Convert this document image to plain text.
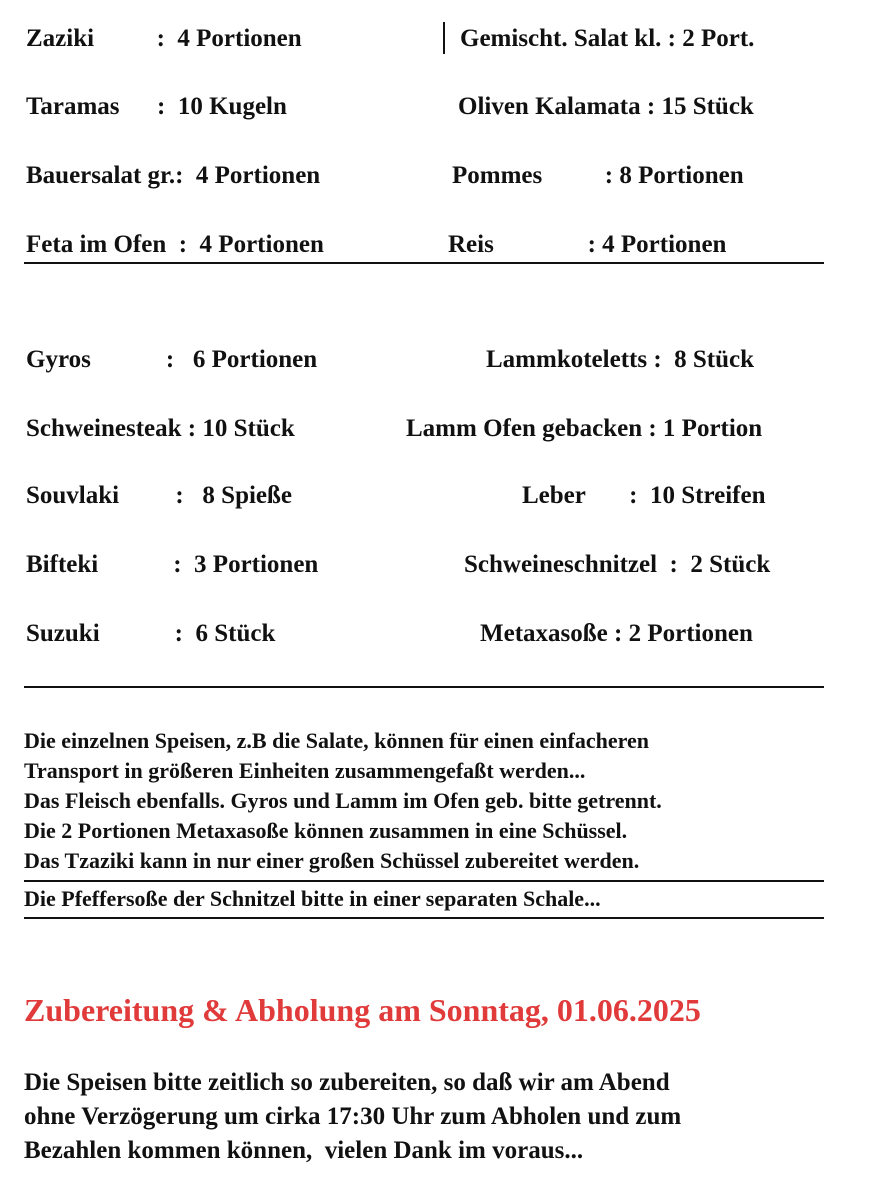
Zaziki          :  4 Portionen	Gemischt. Salat kl. : 2 Port.
Taramas      :  10 Kugeln	Oliven Kalamata : 15 Stück
Bauersalat gr.:  4 Portionen	Pommes          : 8 Portionen
Feta im Ofen  :  4 Portionen	Reis               : 4 Portionen
Gyros            :   6 Portionen	Lammkoteletts :  8 Stück
Schweinesteak : 10 Stück	Lamm Ofen gebacken : 1 Portion
Souvlaki         :   8 Spieße	Leber       :  10 Streifen
Bifteki            :  3 Portionen	Schweineschnitzel  :  2 Stück
Suzuki            :  6 Stück	Metaxasoße : 2 Portionen
Die einzelnen Speisen, z.B die Salate, können für einen einfacheren
Transport in größeren Einheiten zusammengefaßt werden...
Das Fleisch ebenfalls. Gyros und Lamm im Ofen geb. bitte getrennt.
Die 2 Portionen Metaxasoße können zusammen in eine Schüssel.
Das Tzaziki kann in nur einer großen Schüssel zubereitet werden.
Die Pfeffersoße der Schnitzel bitte in einer separaten Schale...
Zubereitung & Abholung am Sonntag, 01.06.2025
Die Speisen bitte zeitlich so zubereiten, so daß wir am Abend
ohne Verzögerung um cirka 17:30 Uhr zum Abholen und zum
Bezahlen kommen können,  vielen Dank im voraus...
